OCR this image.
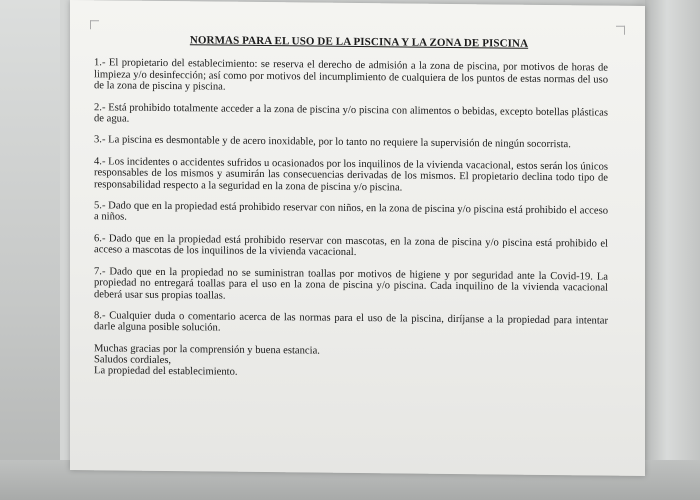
NORMAS PARA EL USO DE LA PISCINA Y LA ZONA DE PISCINA

1.- El propietario del establecimiento: se reserva el derecho de admisión a la zona de piscina, por motivos de horas de limpieza y/o desinfección; así como por motivos del incumplimiento de cualquiera de los puntos de estas normas del uso de la zona de piscina y piscina.

2.- Está prohibido totalmente acceder a la zona de piscina y/o piscina con alimentos o bebidas, excepto botellas plásticas de agua.

3.- La piscina es desmontable y de acero inoxidable, por lo tanto no requiere la supervisión de ningún socorrista.

4.- Los incidentes o accidentes sufridos u ocasionados por los inquilinos de la vivienda vacacional, estos serán los únicos responsables de los mismos y asumirán las consecuencias derivadas de los mismos. El propietario declina todo tipo de responsabilidad respecto a la seguridad en la zona de piscina y/o piscina.

5.- Dado que en la propiedad está prohibido reservar con niños, en la zona de piscina y/o piscina está prohibido el acceso a niños.

6.- Dado que en la propiedad está prohibido reservar con mascotas, en la zona de piscina y/o piscina está prohibido el acceso a mascotas de los inquilinos de la vivienda vacacional.

7.- Dado que en la propiedad no se suministran toallas por motivos de higiene y por seguridad ante la Covid-19. La propiedad no entregará toallas para el uso en la zona de piscina y/o piscina. Cada inquilino de la vivienda vacacional deberá usar sus propias toallas.

8.- Cualquier duda o comentario acerca de las normas para el uso de la piscina, diríjanse a la propiedad para intentar darle alguna posible solución.

Muchas gracias por la comprensión y buena estancia.

Saludos cordiales,

La propiedad del establecimiento.
